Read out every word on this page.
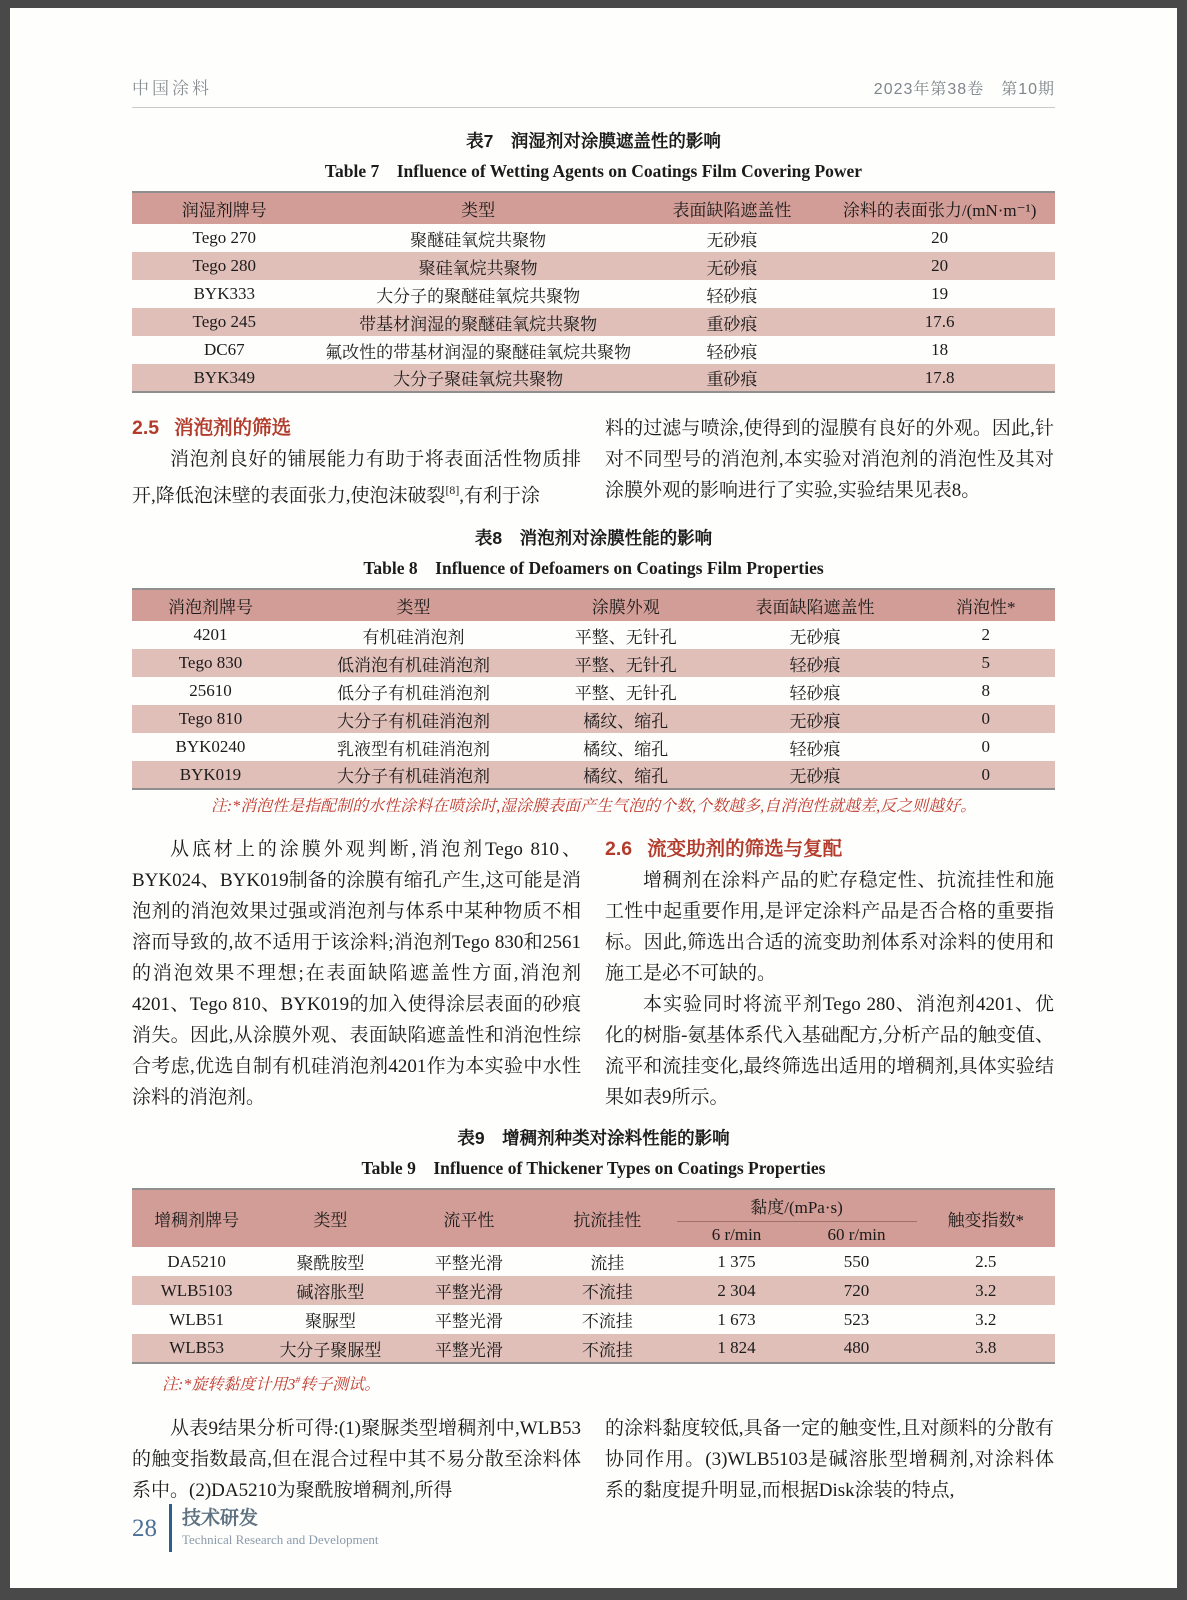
中国涂料	2023年第38卷　第10期

表7　润湿剂对涂膜遮盖性的影响

Table 7　Influence of Wetting Agents on Coatings Film Covering Power

润湿剂牌号	类型	表面缺陷遮盖性	涂料的表面张力/(mN·m⁻¹)
Tego 270	聚醚硅氧烷共聚物	无砂痕	20
Tego 280	聚硅氧烷共聚物	无砂痕	20
BYK333	大分子的聚醚硅氧烷共聚物	轻砂痕	19
Tego 245	带基材润湿的聚醚硅氧烷共聚物	重砂痕	17.6
DC67	氟改性的带基材润湿的聚醚硅氧烷共聚物	轻砂痕	18
BYK349	大分子聚硅氧烷共聚物	重砂痕	17.8
2.5 消泡剂的筛选

消泡剂良好的铺展能力有助于将表面活性物质排开,降低泡沫壁的表面张力,使泡沫破裂[8],有利于涂

料的过滤与喷涂,使得到的湿膜有良好的外观。因此,针对不同型号的消泡剂,本实验对消泡剂的消泡性及其对涂膜外观的影响进行了实验,实验结果见表8。

表8　消泡剂对涂膜性能的影响

Table 8　Influence of Defoamers on Coatings Film Properties

消泡剂牌号	类型	涂膜外观	表面缺陷遮盖性	消泡性*
4201	有机硅消泡剂	平整、无针孔	无砂痕	2
Tego 830	低消泡有机硅消泡剂	平整、无针孔	轻砂痕	5
25610	低分子有机硅消泡剂	平整、无针孔	轻砂痕	8
Tego 810	大分子有机硅消泡剂	橘纹、缩孔	无砂痕	0
BYK0240	乳液型有机硅消泡剂	橘纹、缩孔	轻砂痕	0
BYK019	大分子有机硅消泡剂	橘纹、缩孔	无砂痕	0

注:*消泡性是指配制的水性涂料在喷涂时,湿涂膜表面产生气泡的个数,个数越多,自消泡性就越差,反之则越好。

从底材上的涂膜外观判断,消泡剂Tego 810、BYK024、BYK019制备的涂膜有缩孔产生,这可能是消泡剂的消泡效果过强或消泡剂与体系中某种物质不相溶而导致的,故不适用于该涂料;消泡剂Tego 830和2561的消泡效果不理想;在表面缺陷遮盖性方面,消泡剂4201、Tego 810、BYK019的加入使得涂层表面的砂痕消失。因此,从涂膜外观、表面缺陷遮盖性和消泡性综合考虑,优选自制有机硅消泡剂4201作为本实验中水性涂料的消泡剂。

2.6 流变助剂的筛选与复配

增稠剂在涂料产品的贮存稳定性、抗流挂性和施工性中起重要作用,是评定涂料产品是否合格的重要指标。因此,筛选出合适的流变助剂体系对涂料的使用和施工是必不可缺的。

本实验同时将流平剂Tego 280、消泡剂4201、优化的树脂-氨基体系代入基础配方,分析产品的触变值、流平和流挂变化,最终筛选出适用的增稠剂,具体实验结果如表9所示。

表9　增稠剂种类对涂料性能的影响

Table 9　Influence of Thickener Types on Coatings Properties

增稠剂牌号	类型	流平性	抗流挂性	黏度/(mPa·s)		触变指数*
				6 r/min	60 r/min	
DA5210	聚酰胺型	平整光滑	流挂	1 375	550	2.5
WLB5103	碱溶胀型	平整光滑	不流挂	2 304	720	3.2
WLB51	聚脲型	平整光滑	不流挂	1 673	523	3.2
WLB53	大分子聚脲型	平整光滑	不流挂	1 824	480	3.8

注:*旋转黏度计用3#转子测试。

从表9结果分析可得:(1)聚脲类型增稠剂中,WLB53的触变指数最高,但在混合过程中其不易分散至涂料体系中。(2)DA5210为聚酰胺增稠剂,所得

的涂料黏度较低,具备一定的触变性,且对颜料的分散有协同作用。(3)WLB5103是碱溶胀型增稠剂,对涂料体系的黏度提升明显,而根据Disk涂装的特点,

28 技术研发
Technical Research and Development
